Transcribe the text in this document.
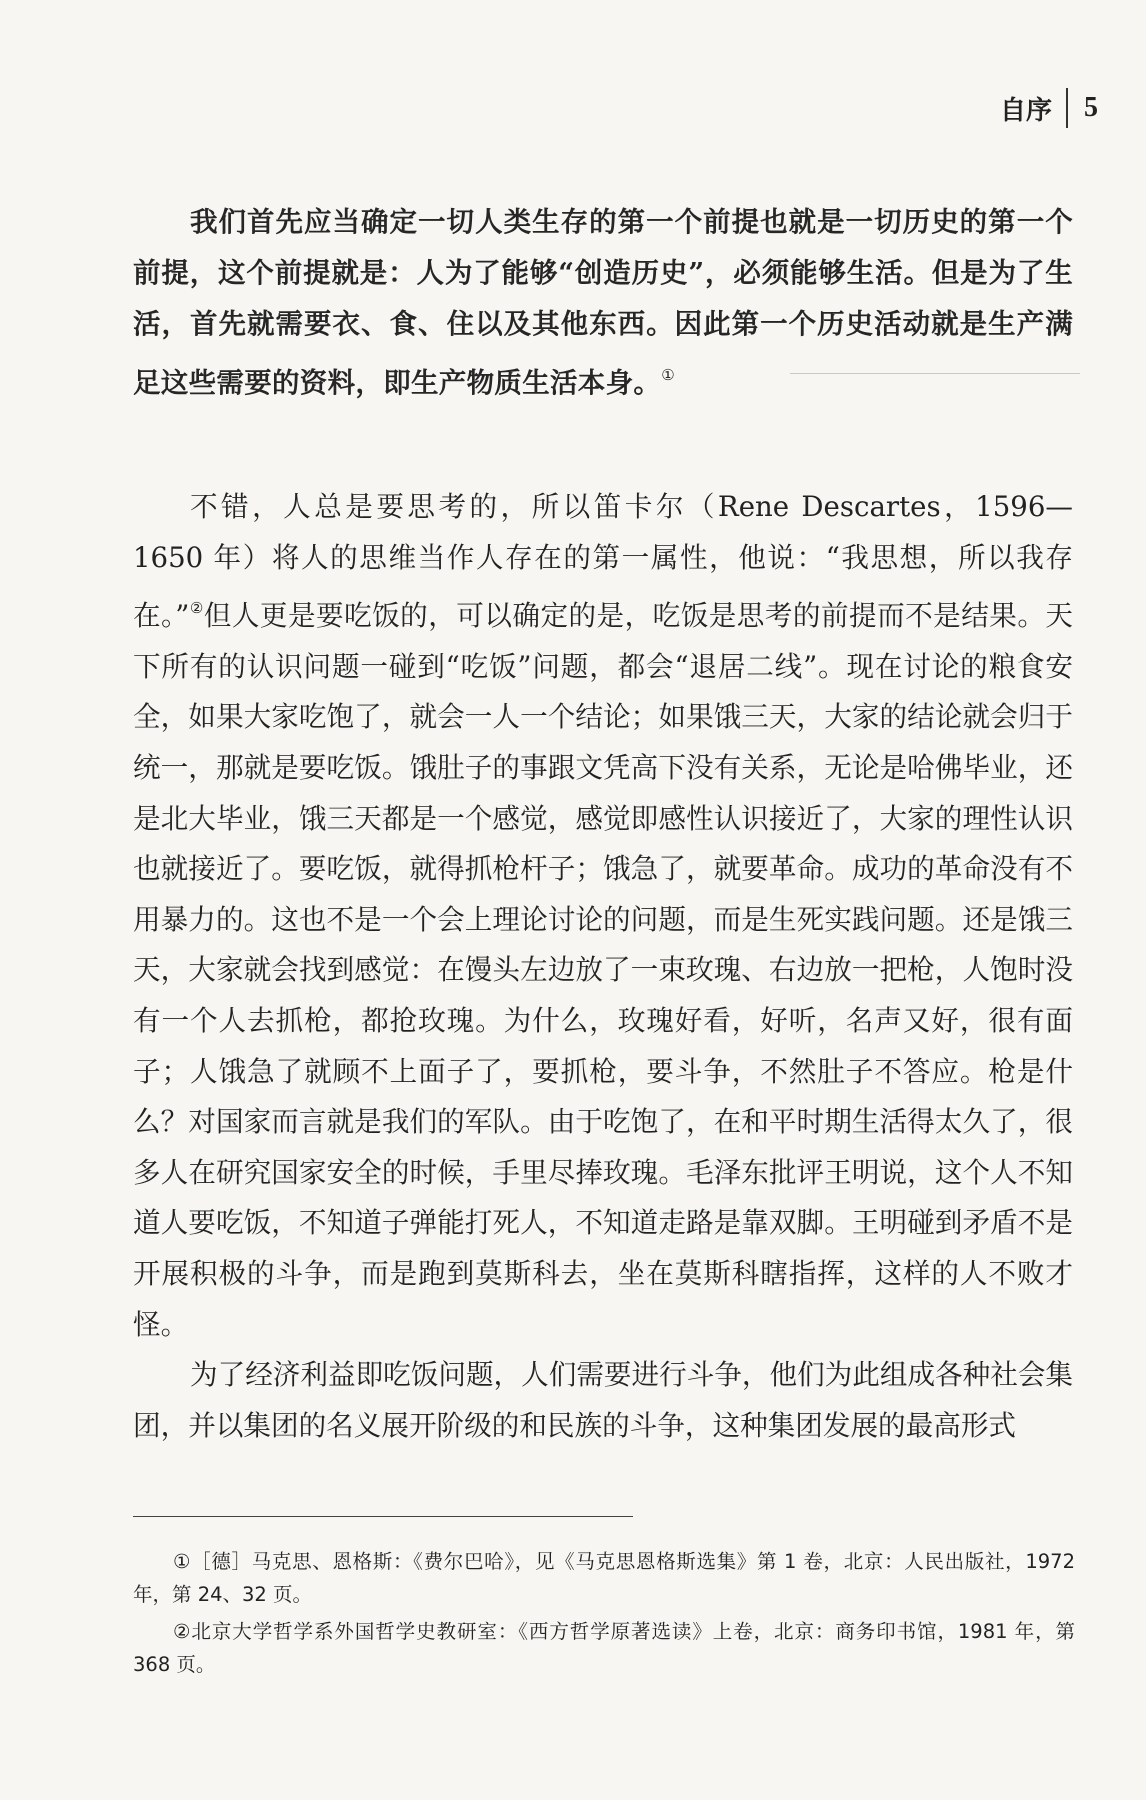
自序 5
我们首先应当确定一切人类生存的第一个前提也就是一切历史的第一个前提，这个前提就是：人为了能够“创造历史”，必须能够生活。但是为了生活，首先就需要衣、食、住以及其他东西。因此第一个历史活动就是生产满足这些需要的资料，即生产物质生活本身。①

不错，人总是要思考的，所以笛卡尔（Rene Descartes，1596—1650 年）将人的思维当作人存在的第一属性，他说：“我思想，所以我存在。”②但人更是要吃饭的，可以确定的是，吃饭是思考的前提而不是结果。天下所有的认识问题一碰到“吃饭”问题，都会“退居二线”。现在讨论的粮食安全，如果大家吃饱了，就会一人一个结论；如果饿三天，大家的结论就会归于统一，那就是要吃饭。饿肚子的事跟文凭高下没有关系，无论是哈佛毕业，还是北大毕业，饿三天都是一个感觉，感觉即感性认识接近了，大家的理性认识也就接近了。要吃饭，就得抓枪杆子；饿急了，就要革命。成功的革命没有不用暴力的。这也不是一个会上理论讨论的问题，而是生死实践问题。还是饿三天，大家就会找到感觉：在馒头左边放了一束玫瑰、右边放一把枪，人饱时没有一个人去抓枪，都抢玫瑰。为什么，玫瑰好看，好听，名声又好，很有面子；人饿急了就顾不上面子了，要抓枪，要斗争，不然肚子不答应。枪是什么？对国家而言就是我们的军队。由于吃饱了，在和平时期生活得太久了，很多人在研究国家安全的时候，手里尽捧玫瑰。毛泽东批评王明说，这个人不知道人要吃饭，不知道子弹能打死人，不知道走路是靠双脚。王明碰到矛盾不是开展积极的斗争，而是跑到莫斯科去，坐在莫斯科瞎指挥，这样的人不败才怪。

为了经济利益即吃饭问题，人们需要进行斗争，他们为此组成各种社会集团，并以集团的名义展开阶级的和民族的斗争，这种集团发展的最高形式

①［德］马克思、恩格斯：《费尔巴哈》，见《马克思恩格斯选集》第 1 卷，北京：人民出版社，1972 年，第 24、32 页。

②北京大学哲学系外国哲学史教研室：《西方哲学原著选读》上卷，北京：商务印书馆，1981 年，第 368 页。
